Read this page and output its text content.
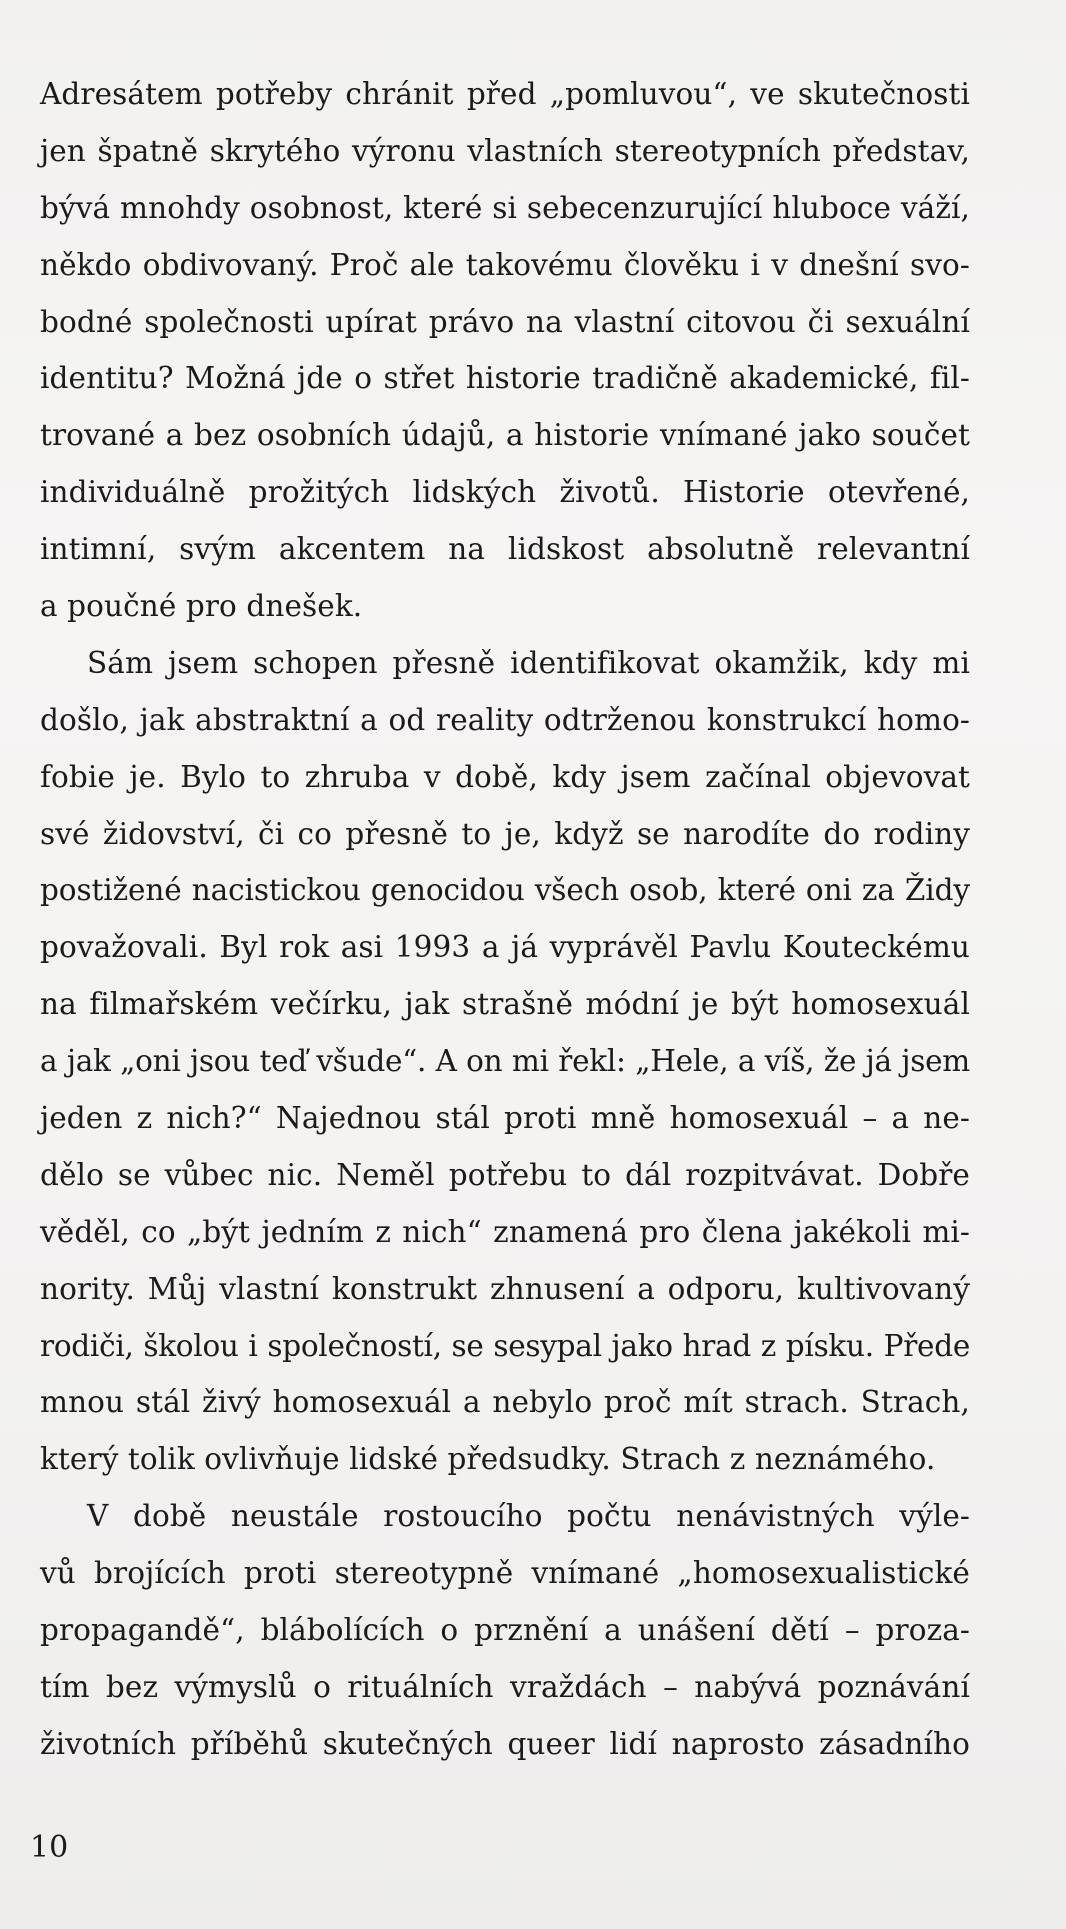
Adresátem potřeby chránit před „pomluvou“, ve skutečnosti
jen špatně skrytého výronu vlastních stereotypních představ,
bývá mnohdy osobnost, které si sebecenzurující hluboce váží,
někdo obdivovaný. Proč ale takovému člověku i v dnešní svo-
bodné společnosti upírat právo na vlastní citovou či sexuální
identitu? Možná jde o střet historie tradičně akademické, fil-
trované a bez osobních údajů, a historie vnímané jako součet
individuálně prožitých lidských životů. Historie otevřené,
intimní, svým akcentem na lidskost absolutně relevantní
a poučné pro dnešek.
Sám jsem schopen přesně identifikovat okamžik, kdy mi
došlo, jak abstraktní a od reality odtrženou konstrukcí homo-
fobie je. Bylo to zhruba v době, kdy jsem začínal objevovat
své židovství, či co přesně to je, když se narodíte do rodiny
postižené nacistickou genocidou všech osob, které oni za Židy
považovali. Byl rok asi 1993 a já vyprávěl Pavlu Kouteckému
na filmařském večírku, jak strašně módní je být homosexuál
a jak „oni jsou teď všude“. A on mi řekl: „Hele, a víš, že já jsem
jeden z nich?“ Najednou stál proti mně homosexuál – a ne-
dělo se vůbec nic. Neměl potřebu to dál rozpitvávat. Dobře
věděl, co „být jedním z nich“ znamená pro člena jakékoli mi-
nority. Můj vlastní konstrukt zhnusení a odporu, kultivovaný
rodiči, školou i společností, se sesypal jako hrad z písku. Přede
mnou stál živý homosexuál a nebylo proč mít strach. Strach,
který tolik ovlivňuje lidské předsudky. Strach z neznámého.
V době neustále rostoucího počtu nenávistných výle-
vů brojících proti stereotypně vnímané „homosexualistické
propagandě“, blábolících o prznění a unášení dětí – proza-
tím bez výmyslů o rituálních vraždách – nabývá poznávání
životních příběhů skutečných queer lidí naprosto zásadního
10
